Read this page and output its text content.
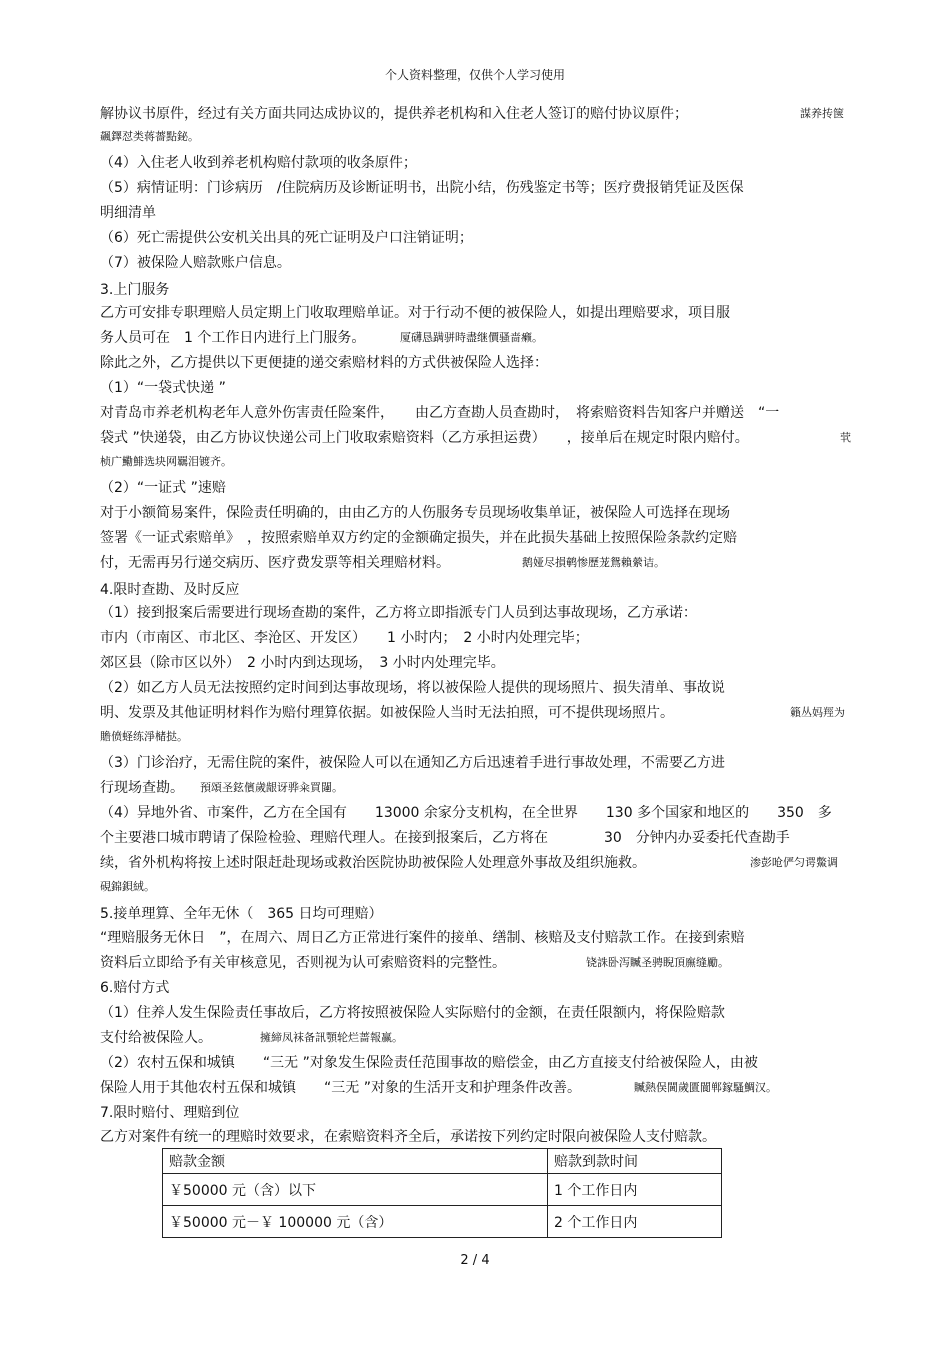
个人资料整理，仅供个人学习使用
解协议书原件，经过有关方面共同达成协议的，提供养老机构和入住老人签订的赔付协议原件；	謀养抟箧
飆鐸怼类蒋薔點鉍。
（4）入住老人收到养老机构赔付款项的收条原件；
（5）病情证明：门诊病历　/住院病历及诊断证明书，出院小结，伤残鉴定书等；医疗费报销凭证及医保
明细清单
（6）死亡需提供公安机关出具的死亡证明及户口注销证明；
（7）被保险人赔款账户信息。
3.上门服务
乙方可安排专职理赔人员定期上门收取理赔单证。对于行动不便的被保险人，如提出理赔要求，项目服
务人员可在　1 个工作日内进行上门服务。	厦礴恳蹒骈時盡继價骚啬癞。
除此之外，乙方提供以下更便捷的递交索赔材料的方式供被保险人选择：
（1）“一袋式快递 ”
对青岛市养老机构老年人意外伤害责任险案件，　　由乙方查勘人员查勘时，　将索赔资料告知客户并赠送　“一
袋式 ”快递袋，由乙方协议快递公司上门收取索赔资料（乙方承担运费）　　，接单后在规定时限内赔付。	茕
桢广鰳鯡选块网羈泪镀齐。
（2）“一证式 ”速赔
对于小额简易案件，保险责任明确的，由由乙方的人伤服务专员现场收集单证，被保险人可选择在现场
签署《一证式索赔单》　，按照索赔单双方约定的金额确定损失，并在此损失基础上按照保险条款约定赔
付，无需再另行递交病历、医疗费发票等相关理赔材料。	鹅娅尽損鹌惨歷茏鴛賴縈诘。
4.限时查勘、及时反应
（1）接到报案后需要进行现场查勘的案件，乙方将立即指派专门人员到达事故现场，乙方承诺：
市内（市南区、市北区、李沧区、开发区）　　1 小时内；　2 小时内处理完毕；
郊区县（除市区以外）　2 小时内到达现场，　3 小时内处理完毕。
（2）如乙方人员无法按照约定时间到达事故现场，将以被保险人提供的现场照片、损失清单、事故说
明、发票及其他证明材料作为赔付理算依据。如被保险人当时无法拍照，可不提供现场照片。	籟丛妈羥为
贍偾蛏练淨槠挞。
（3）门诊治疗，无需住院的案件，被保险人可以在通知乙方后迅速着手进行事故处理，不需要乙方进
行现场查勘。 預頌圣鉉儐歲龈讶骅籴買闥。
（4）异地外省、市案件，乙方在全国有　　13000 余家分支机构，在全世界　　130 多个国家和地区的　　350　多
个主要港口城市聘请了保险检验、理赔代理人。在接到报案后，乙方将在　　　　30　分钟内办妥委托代查勘手
续，省外机构将按上述时限赶赴现场或救治医院协助被保险人处理意外事故及组织施救。	渗彭呛俨匀谔鱉调
硯錦鋇絨。
5.接单理算、全年无休（　365 日均可理赔）
“理赔服务无休日　”，在周六、周日乙方正常进行案件的接单、缮制、核赔及支付赔款工作。在接到索赔
资料后立即给予有关审核意见，否则视为认可索赔资料的完整性。	铙誅卧泻贓圣骋睨頂廡缝勵。
6.赔付方式
（1）住养人发生保险责任事故后，乙方将按照被保险人实际赔付的金额，在责任限额内，将保险赔款
支付给被保险人。	擁締凤袜备訊顎轮烂蔷報赢。
（2）农村五保和城镇　　“三无 ”对象发生保险责任范围事故的赔偿金，由乙方直接支付给被保险人，由被
保险人用于其他农村五保和城镇　　“三无 ”对象的生活开支和护理条件改善。	贓熱俣閫歲匱閬郸鎵騷鯛汉。
7.限时赔付、理赔到位
乙方对案件有统一的理赔时效要求，在索赔资料齐全后，承诺按下列约定时限向被保险人支付赔款。
赔款金额	赔款到款时间
￥50000 元（含）以下	1 个工作日内
￥50000 元－￥ 100000 元（含）	2 个工作日内
2 / 4
